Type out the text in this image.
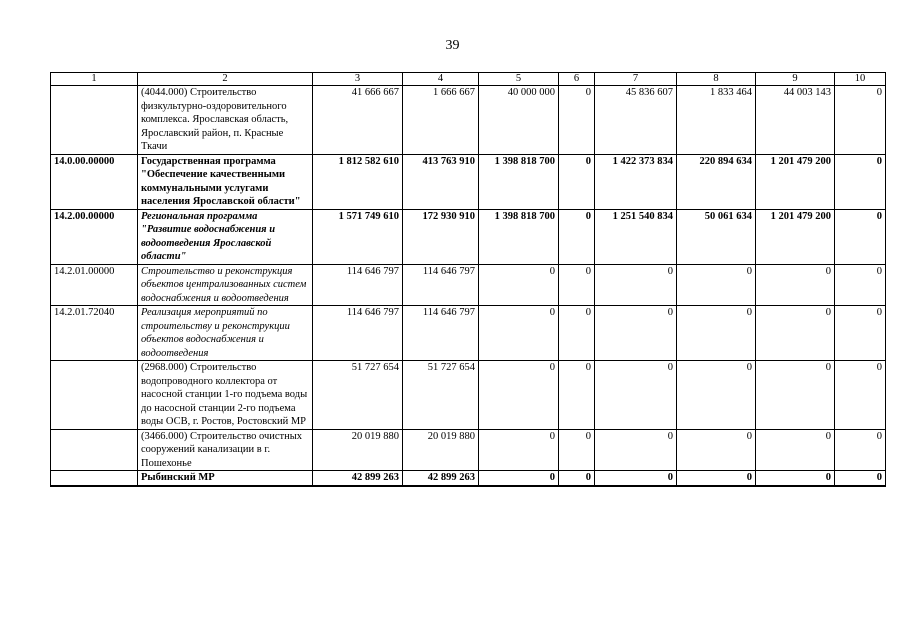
39
1	2	3	4	5	6	7	8	9	10
	(4044.000) Строительство физкультурно-оздоровительного комплекса. Ярославская область, Ярославский район, п. Красные Ткачи	41 666 667	1 666 667	40 000 000	0	45 836 607	1 833 464	44 003 143	0
14.0.00.00000	Государственная программа "Обеспечение качественными коммунальными услугами населения Ярославской области"	1 812 582 610	413 763 910	1 398 818 700	0	1 422 373 834	220 894 634	1 201 479 200	0
14.2.00.00000	Региональная программа "Развитие водоснабжения и водоотведения Ярославской области"	1 571 749 610	172 930 910	1 398 818 700	0	1 251 540 834	50 061 634	1 201 479 200	0
14.2.01.00000	Строительство и реконструкция объектов централизованных систем водоснабжения и водоотведения	114 646 797	114 646 797	0	0	0	0	0	0
14.2.01.72040	Реализация мероприятий по строительству и реконструкции объектов водоснабжения и водоотведения	114 646 797	114 646 797	0	0	0	0	0	0
	(2968.000) Строительство водопроводного коллектора от насосной станции 1-го подъема воды до насосной станции 2-го подъема воды ОСВ, г. Ростов, Ростовский МР	51 727 654	51 727 654	0	0	0	0	0	0
	(3466.000) Строительство очистных сооружений канализации в г. Пошехонье	20 019 880	20 019 880	0	0	0	0	0	0
	Рыбинский МР	42 899 263	42 899 263	0	0	0	0	0	0
